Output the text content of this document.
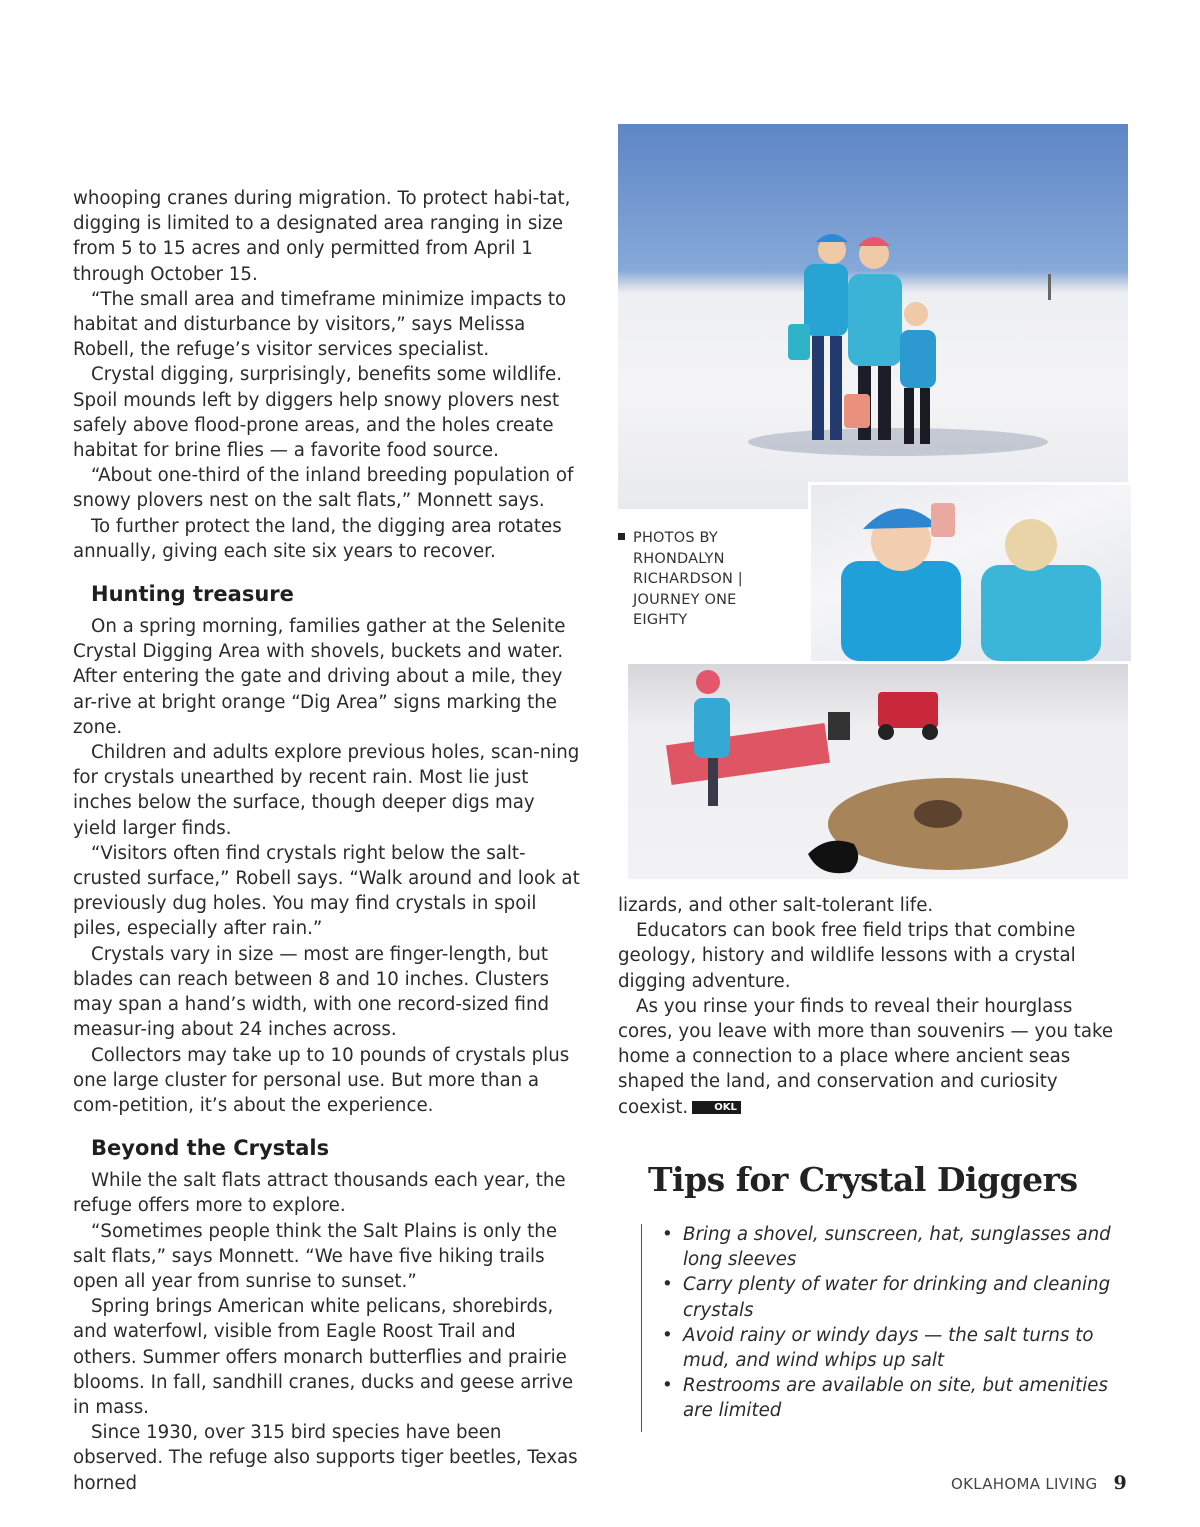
whooping cranes during migration. To protect habi-tat, digging is limited to a designated area ranging in size from 5 to 15 acres and only permitted from April 1 through October 15.

“The small area and timeframe minimize impacts to habitat and disturbance by visitors,” says Melissa Robell, the refuge’s visitor services specialist.

Crystal digging, surprisingly, benefits some wildlife. Spoil mounds left by diggers help snowy plovers nest safely above flood-prone areas, and the holes create habitat for brine flies — a favorite food source.

“About one-third of the inland breeding population of snowy plovers nest on the salt flats,” Monnett says.

To further protect the land, the digging area rotates annually, giving each site six years to recover.

Hunting treasure

On a spring morning, families gather at the Selenite Crystal Digging Area with shovels, buckets and water. After entering the gate and driving about a mile, they ar-rive at bright orange “Dig Area” signs marking the zone.

Children and adults explore previous holes, scan-ning for crystals unearthed by recent rain. Most lie just inches below the surface, though deeper digs may yield larger finds.

“Visitors often find crystals right below the salt-crusted surface,” Robell says. “Walk around and look at previously dug holes. You may find crystals in spoil piles, especially after rain.”

Crystals vary in size — most are finger-length, but blades can reach between 8 and 10 inches. Clusters may span a hand’s width, with one record-sized find measur-ing about 24 inches across.

Collectors may take up to 10 pounds of crystals plus one large cluster for personal use. But more than a com-petition, it’s about the experience.

Beyond the Crystals

While the salt flats attract thousands each year, the refuge offers more to explore.

“Sometimes people think the Salt Plains is only the salt flats,” says Monnett. “We have five hiking trails open all year from sunrise to sunset.”

Spring brings American white pelicans, shorebirds, and waterfowl, visible from Eagle Roost Trail and others. Summer offers monarch butterflies and prairie blooms. In fall, sandhill cranes, ducks and geese arrive in mass.

Since 1930, over 315 bird species have been observed. The refuge also supports tiger beetles, Texas horned

PHOTOS BY RHONDALYN RICHARDSON | JOURNEY ONE EIGHTY

lizards, and other salt-tolerant life.

Educators can book free field trips that combine geology, history and wildlife lessons with a crystal digging adventure.

As you rinse your finds to reveal their hourglass cores, you leave with more than souvenirs — you take home a connection to a place where ancient seas shaped the land, and conservation and curiosity coexist.	OKL

Tips for Crystal Diggers
• Bring a shovel, sunscreen, hat, sunglasses and long sleeves
• Carry plenty of water for drinking and cleaning crystals
• Avoid rainy or windy days — the salt turns to mud, and wind whips up salt
• Restrooms are available on site, but amenities are limited
OKLAHOMA LIVING 9
